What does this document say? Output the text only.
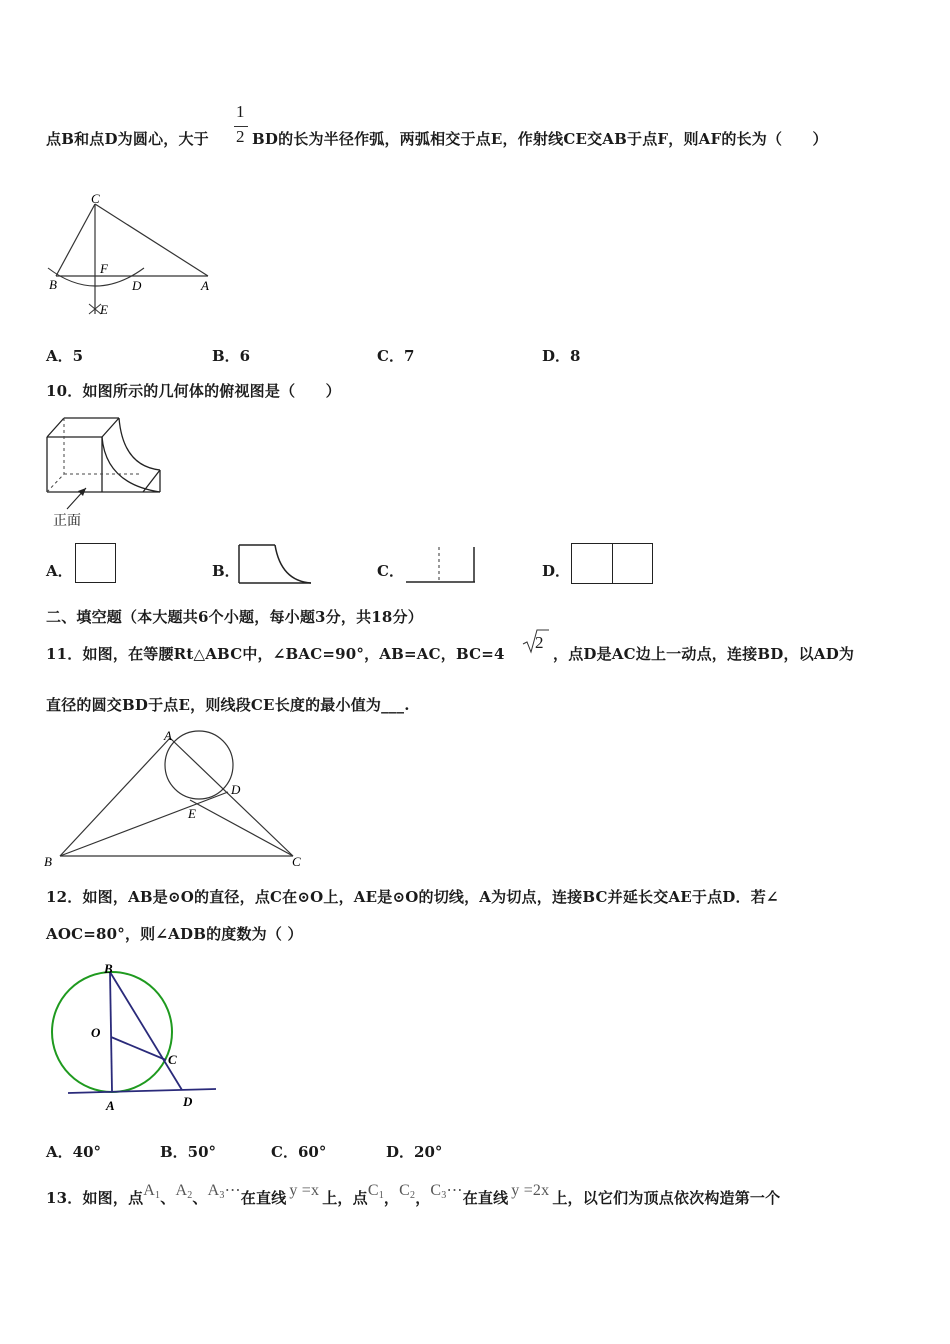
1
2
点B和点D为圆心，大于	BD的长为半径作弧，两弧相交于点E，作射线CE交AB于点F，则AF的长为（　　）
C
F
B	D	A
E
A．5	B．6	C．7	D．8
10．如图所示的几何体的俯视图是（　　）
正面
A．	B．	C．	D．
二、填空题（本大题共6个小题，每小题3分，共18分）
11．如图，在等腰Rt△ABC中，∠BAC=90°，AB=AC，BC=4
2
，点D是AC边上一动点，连接BD，以AD为
直径的圆交BD于点E，则线段CE长度的最小值为___.
A
D
E
B	C
12．如图，AB是⊙O的直径，点C在⊙O上，AE是⊙O的切线，A为切点，连接BC并延长交AE于点D．若∠
AOC=80°，则∠ADB的度数为（ ）
B
O
C
A	D
A．40°	B．50°	C．60°	D．20°
13．如图，点$A_1$、$A_2$、$A_3\cdots$在直线 y =x 上，点$C_1$，$C_2$，$C_3\cdots$在直线 y =2x 上，以它们为顶点依次构造第一个
